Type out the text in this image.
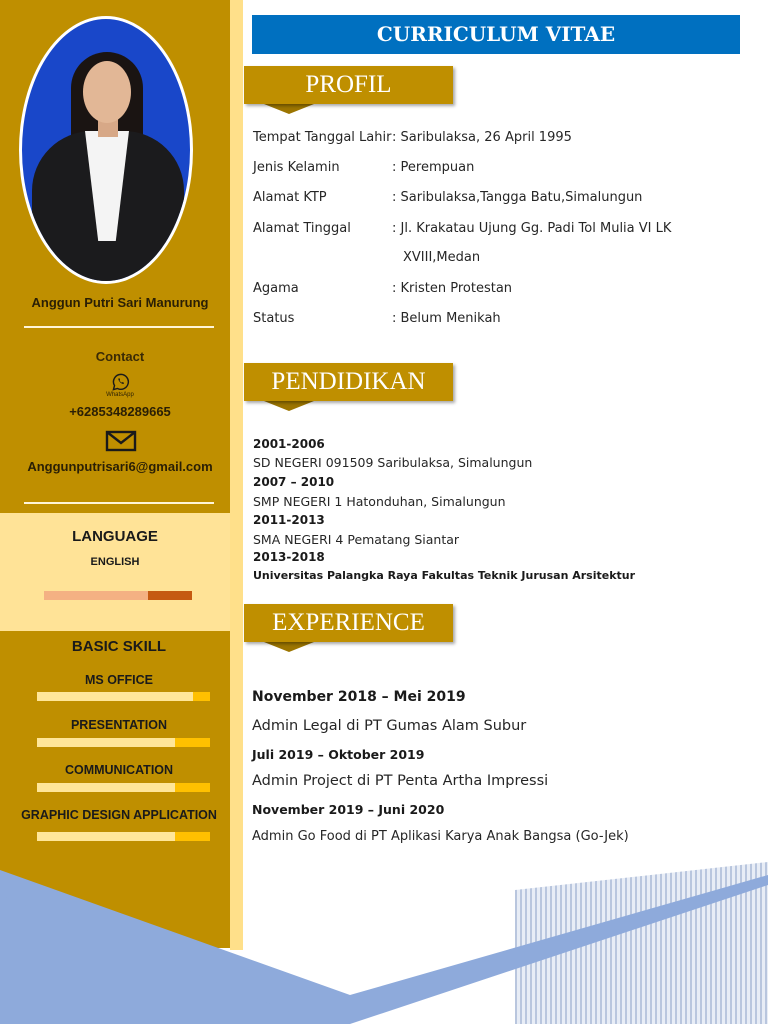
Anggun Putri Sari Manurung
Contact
WhatsApp
+6285348289665
Anggunputrisari6@gmail.com
LANGUAGE
ENGLISH
BASIC SKILL
MS OFFICE
PRESENTATION
COMMUNICATION
GRAPHIC DESIGN APPLICATION
CURRICULUM VITAE
PROFIL
Tempat Tanggal Lahir : Saribulaksa, 26 April 1995
Jenis Kelamin	: Perempuan
Alamat KTP	: Saribulaksa,Tangga Batu,Simalungun
Alamat Tinggal	: Jl. Krakatau Ujung Gg. Padi Tol Mulia VI LK
XVIII,Medan
Agama	: Kristen Protestan
Status	: Belum Menikah
PENDIDIKAN
2001-2006
SD NEGERI 091509 Saribulaksa, Simalungun
2007 – 2010
SMP NEGERI 1 Hatonduhan, Simalungun
2011-2013
SMA NEGERI 4 Pematang Siantar
2013-2018
Universitas Palangka Raya Fakultas Teknik Jurusan Arsitektur
EXPERIENCE
November 2018 – Mei 2019
Admin Legal di PT Gumas Alam Subur
Juli 2019 – Oktober 2019
Admin Project di PT Penta Artha Impressi
November 2019 – Juni 2020
Admin Go Food di PT Aplikasi Karya Anak Bangsa (Go-Jek)
